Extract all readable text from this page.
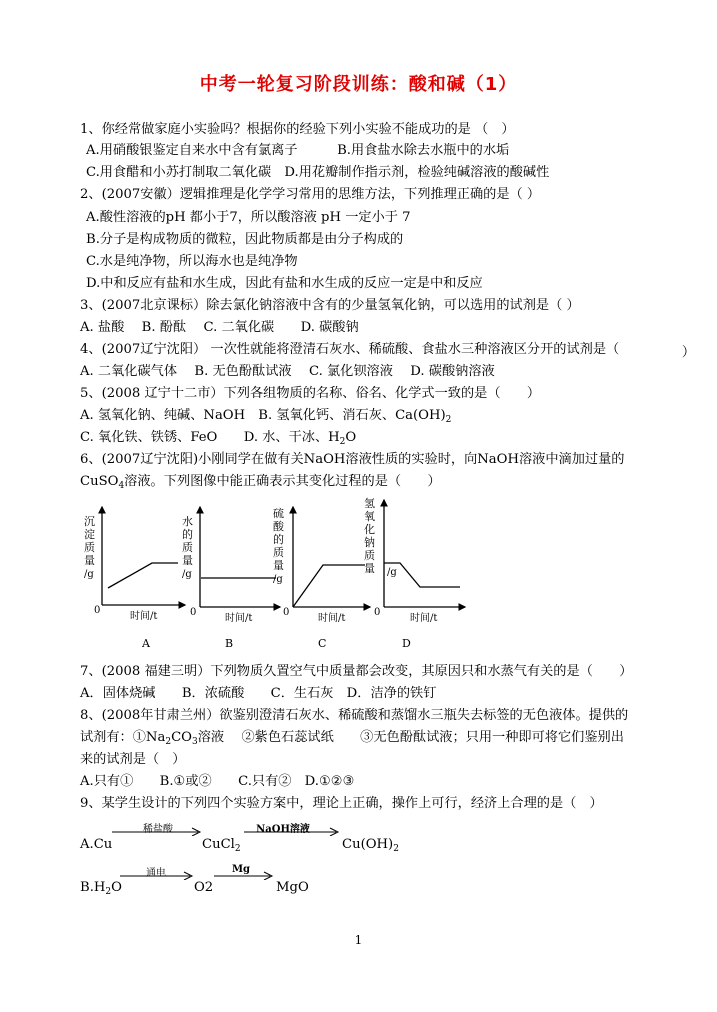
中考一轮复习阶段训练：酸和碱（1）
1、你经常做家庭小实验吗？根据你的经验下列小实验不能成功的是 （　）
A.用硝酸银鉴定自来水中含有氯离子　　　B.用食盐水除去水瓶中的水垢
C.用食醋和小苏打制取二氧化碳　D.用花瓣制作指示剂，检验纯碱溶液的酸碱性
2、(2007安徽）逻辑推理是化学学习常用的思维方法，下列推理正确的是（ ）
A.酸性溶液的pH 都小于7，所以酸溶液 pH 一定小于 7
B.分子是构成物质的微粒，因此物质都是由分子构成的
C.水是纯净物，所以海水也是纯净物
D.中和反应有盐和水生成，因此有盐和水生成的反应一定是中和反应
3、(2007北京课标）除去氯化钠溶液中含有的少量氢氧化钠，可以选用的试剂是（ ）
A. 盐酸　 B. 酚酞　 C. 二氧化碳　　D. 碳酸钠
4、(2007辽宁沈阳） 一次性就能将澄清石灰水、稀硫酸、食盐水三种溶液区分开的试剂是（	）
A. 二氧化碳气体　 B. 无色酚酞试液　 C. 氯化钡溶液　 D. 碳酸钠溶液
5、(2008 辽宁十二市）下列各组物质的名称、俗名、化学式一致的是（　　）
A. 氢氧化钠、纯碱、NaOH　B. 氢氧化钙、消石灰、$Ca(OH)_2$
C. 氧化铁、铁锈、FeO　　D. 水、干冰、$H_2O$
6、(2007辽宁沈阳)小刚同学在做有关NaOH溶液性质的实验时，向NaOH溶液中滴加过量的
CuSO$_4$溶液。下列图像中能正确表示其变化过程的是（　　）
沉
淀
质
量
/g
0
时间/t
A
水
的
质
量
/g
0
时间/t
B
硫
酸
的
质
量
/g
0
时间/t
C
氢
氧
化
钠
质
量 /g
0
时间/t
D
7、(2008 福建三明）下列物质久置空气中质量都会改变，其原因只和水蒸气有关的是（　　）
A．固体烧碱　　B．浓硫酸　　C．生石灰　D．洁净的铁钉
8、(2008年甘肃兰州）欲鉴别澄清石灰水、稀硫酸和蒸馏水三瓶失去标签的无色液体。提供的
试剂有：$①Na_2CO_3$溶液　 ②紫色石蕊试纸　　③无色酚酞试液；只用一种即可将它们鉴别出
来的试剂是（　）
A.只有①　　B.①或②　　C.只有②　D.①②③
9、某学生设计的下列四个实验方案中，理论上正确，操作上可行，经济上合理的是（　）
A.Cu
稀盐酸
CuCl$_2$
NaOH溶液
$Cu(OH)_2$
$B.H_2O$
通电
O2
Mg
MgO
1
